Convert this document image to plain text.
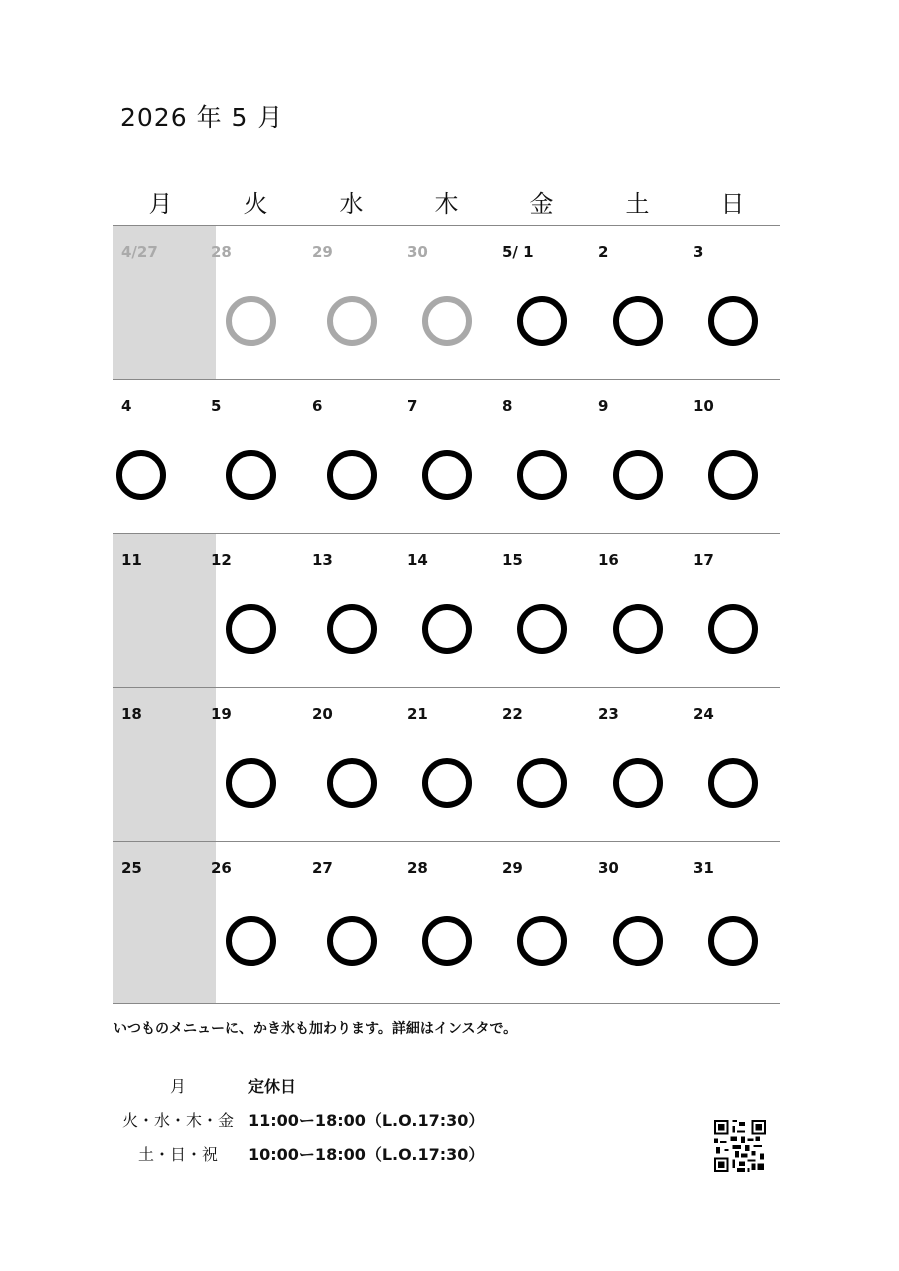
2026 年 5 月
月	火	水	木	金	土	日
4/27	28	29	30	5/ 1	2	3
4	5	6	7	8	9	10
11	12	13	14	15	16	17
18	19	20	21	22	23	24
25	26	27	28	29	30	31
いつものメニューに、かき氷も加わります。詳細はインスタで。
月	定休日
火・水・木・金 11:00ー18:00（L.O.17:30）
土・日・祝	10:00ー18:00（L.O.17:30）
